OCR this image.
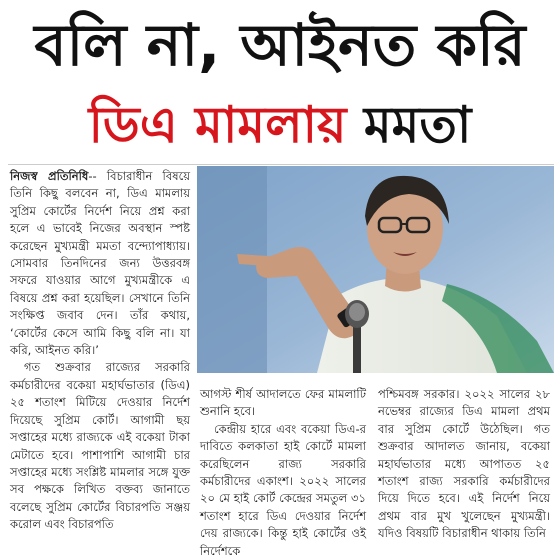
বলি না, আইনত করি
ডিএ মামলায় মমতা

নিজস্ব প্রতিনিধি-- বিচারাধীন বিষয়ে তিনি কিছু বলবেন না, ডিএ মামলায় সুপ্রিম কোর্টের নির্দেশ নিয়ে প্রশ্ন করা হলে এ ভাবেই নিজের অবস্থান স্পষ্ট করেছেন মুখ্যমন্ত্রী মমতা বন্দ্যোপাধ্যায়। সোমবার তিনদিনের জন্য উত্তরবঙ্গ সফরে যাওয়ার আগে মুখ্যমন্ত্রীকে এ বিষয়ে প্রশ্ন করা হয়েছিল। সেখানে তিনি সংক্ষিপ্ত জবাব দেন। তাঁর কথায়, ‘কোর্টের কেসে আমি কিছু বলি না। যা করি, আইনত করি।’

গত শুক্রবার রাজ্যের সরকারি কর্মচারীদের বকেয়া মহার্ঘভাতার (ডিএ) ২৫ শতাংশ মিটিয়ে দেওয়ার নির্দেশ দিয়েছে সুপ্রিম কোর্ট। আগামী ছয় সপ্তাহের মধ্যে রাজ্যকে এই বকেয়া টাকা মেটাতে হবে। পাশাপাশি আগামী চার সপ্তাহের মধ্যে সংশ্লিষ্ট মামলার সঙ্গে যুক্ত সব পক্ষকে লিখিত বক্তব্য জানাতে বলেছে সুপ্রিম কোর্টের বিচারপতি সঞ্জয় করোল এবং বিচারপতি

আগস্ট শীর্ষ আদালতে ফের মামলাটি শুনানি হবে।

কেন্দ্রীয় হারে এবং বকেয়া ডিএ-র দাবিতে কলকাতা হাই কোর্টে মামলা করেছিলেন রাজ্য সরকারি কর্মচারীদের একাংশ। ২০২২ সালের ২০ মে হাই কোর্ট কেন্দ্রের সমতুল ৩১ শতাংশ হারে ডিএ দেওয়ার নির্দেশ দেয় রাজ্যকে। কিন্তু হাই কোর্টের ওই নির্দেশকে

পশ্চিমবঙ্গ সরকার। ২০২২ সালের ২৮ নভেম্বর রাজ্যের ডিএ মামলা প্রথম বার সুপ্রিম কোর্টে উঠেছিল। গত শুক্রবার আদালত জানায়, বকেয়া মহার্ঘভাতার মধ্যে আপাতত ২৫ শতাংশ রাজ্য সরকারি কর্মচারীদের দিয়ে দিতে হবে। এই নির্দেশ নিয়ে প্রথম বার মুখ খুলেছেন মুখ্যমন্ত্রী। যদিও বিষয়টি বিচারাধীন থাকায় তিনি
